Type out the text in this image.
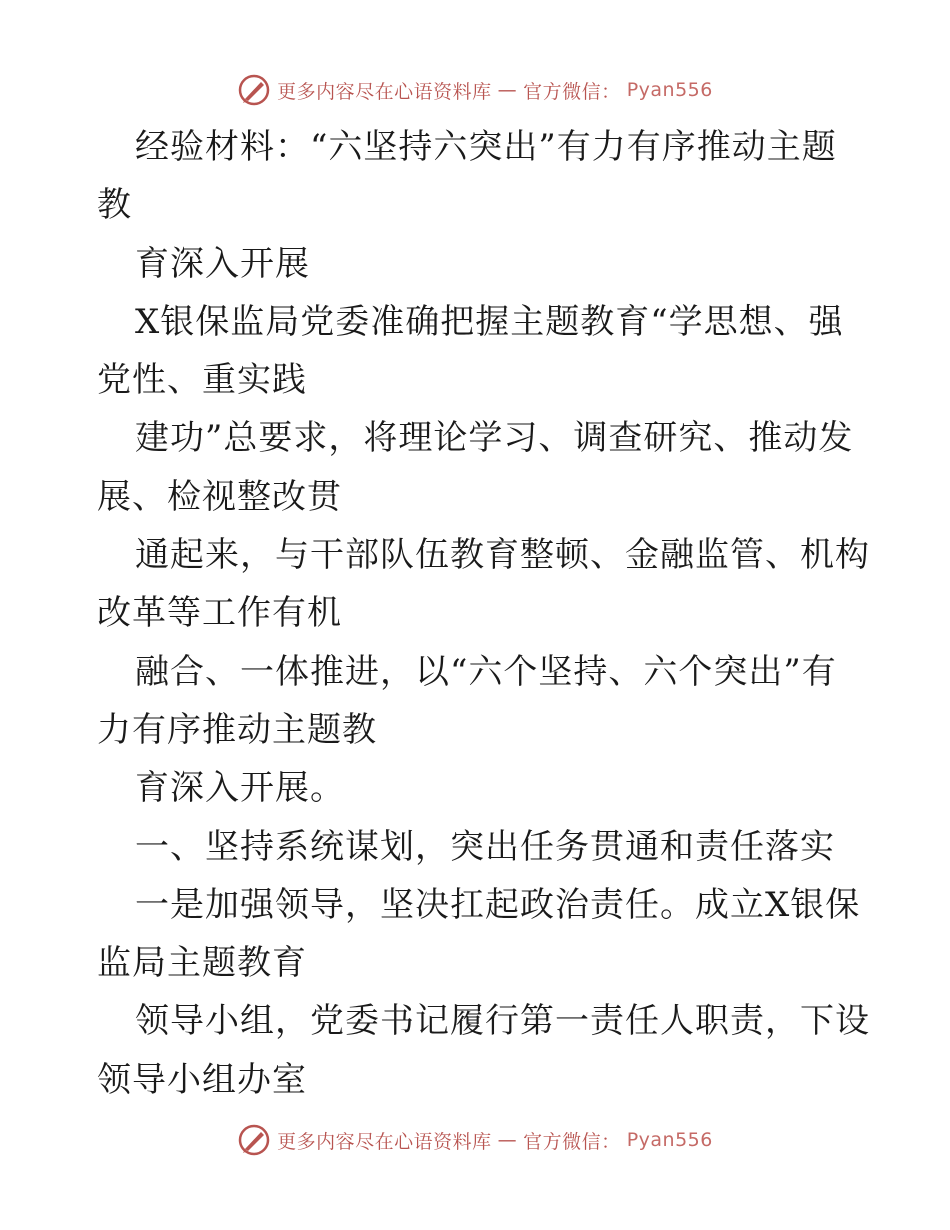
更多内容尽在心语资料库 — 官方微信： Pyan556
经验材料：“六坚持六突出”有力有序推动主题
教
育深入开展
X银保监局党委准确把握主题教育“学思想、强
党性、重实践
建功”总要求，将理论学习、调查研究、推动发
展、检视整改贯
通起来，与干部队伍教育整顿、金融监管、机构
改革等工作有机
融合、一体推进，以“六个坚持、六个突出”有
力有序推动主题教
育深入开展。
一、坚持系统谋划，突出任务贯通和责任落实
一是加强领导，坚决扛起政治责任。成立X银保
监局主题教育
领导小组，党委书记履行第一责任人职责，下设
领导小组办室
更多内容尽在心语资料库 — 官方微信： Pyan556
